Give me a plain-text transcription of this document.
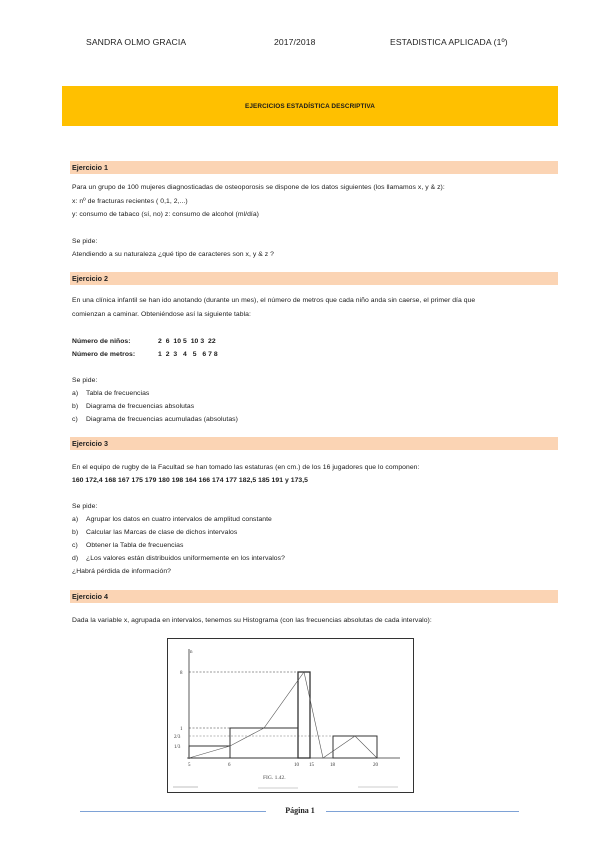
SANDRA OLMO GRACIA	2017/2018	ESTADISTICA APLICADA (1º)
EJERCICIOS ESTADÍSTICA DESCRIPTIVA
Ejercicio 1
Para un grupo de 100 mujeres diagnosticadas de osteoporosis se dispone de los datos siguientes (los llamamos x, y & z):
x: nº de fracturas recientes ( 0,1, 2,...)
y: consumo de tabaco (sí, no) z: consumo de alcohol (ml/día)
Se pide:
Atendiendo a su naturaleza ¿qué tipo de caracteres son x, y & z ?
Ejercicio 2
En una clínica infantil se han ido anotando (durante un mes), el número de metros que cada niño anda sin caerse, el primer día que
comienzan a caminar. Obteniéndose así la siguiente tabla:
Número de niños:	2  6  10 5  10 3  22
Número de metros:	1  2  3   4   5   6 7 8
Se pide:
a) Tabla de frecuencias
b) Diagrama de frecuencias absolutas
c) Diagrama de frecuencias acumuladas (absolutas)
Ejercicio 3
En el equipo de rugby de la Facultad se han tomado las estaturas (en cm.) de los 16 jugadores que lo componen:
160 172,4 168 167 175 179 180 198 164 166 174 177 182,5 185 191 y 173,5
Se pide:
a) Agrupar los datos en cuatro intervalos de amplitud constante
b) Calcular las Marcas de clase de dichos intervalos
c) Obtener la Tabla de frecuencias
d) ¿Los valores están distribuidos uniformemente en los intervalos?
¿Habrá pérdida de información?
Ejercicio 4
Dada la variable x, agrupada en intervalos, tenemos su Histograma (con las frecuencias absolutas de cada intervalo):
n
8
1
2/3
1/3
5	6	10 15	18	20
FIG. 1.42.
Página 1
